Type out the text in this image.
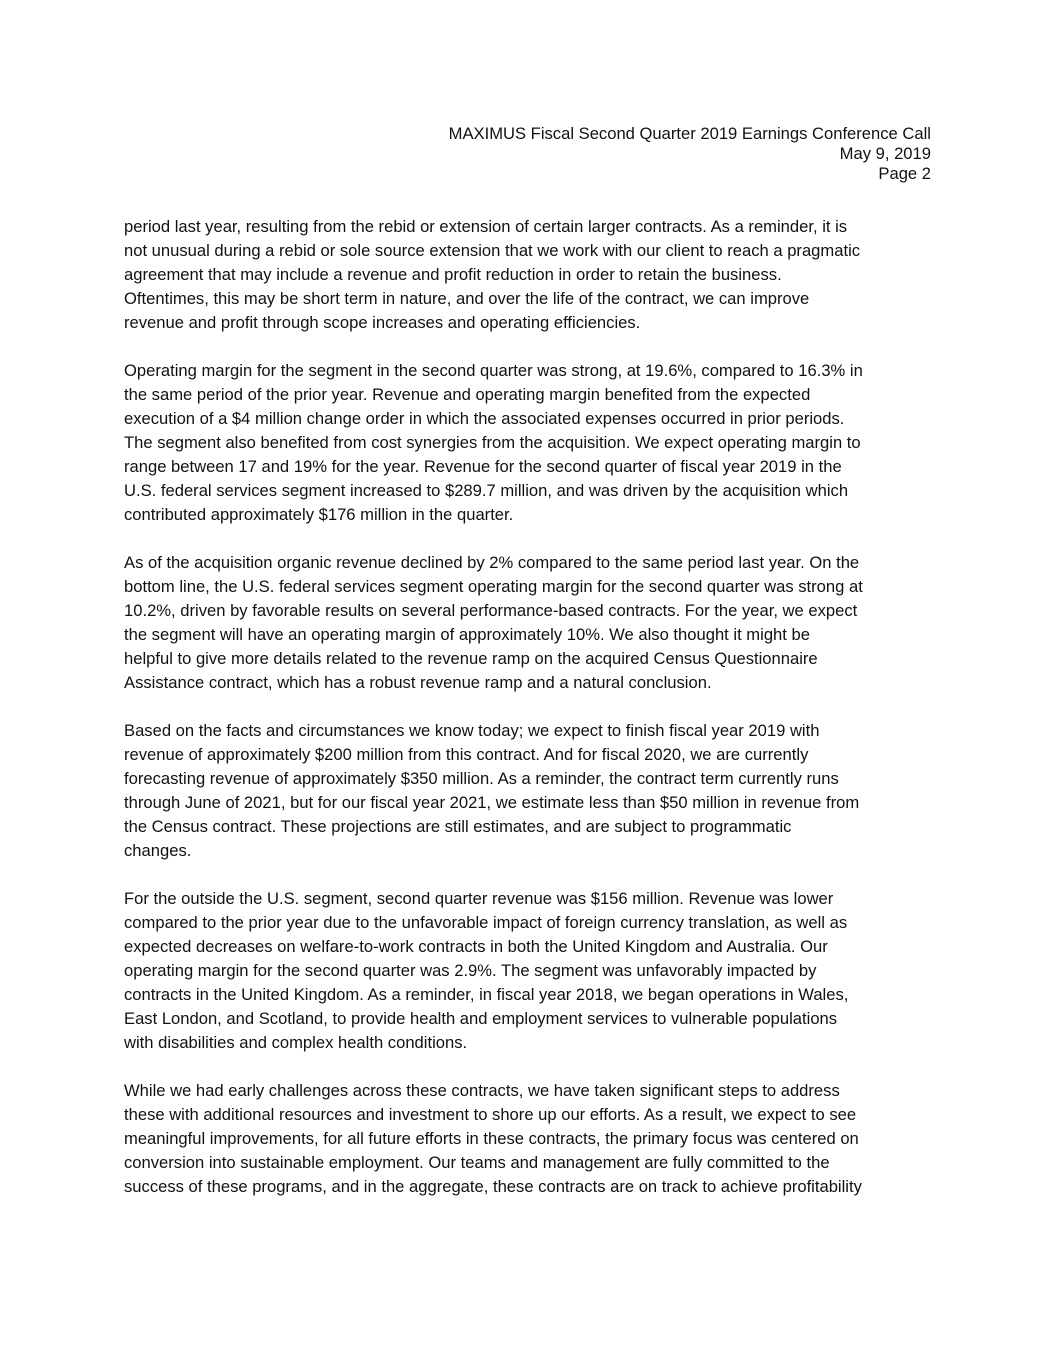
MAXIMUS Fiscal Second Quarter 2019 Earnings Conference Call
May 9, 2019
Page 2
period last year, resulting from the rebid or extension of certain larger contracts. As a reminder, it is
not unusual during a rebid or sole source extension that we work with our client to reach a pragmatic
agreement that may include a revenue and profit reduction in order to retain the business.
Oftentimes, this may be short term in nature, and over the life of the contract, we can improve
revenue and profit through scope increases and operating efficiencies.
Operating margin for the segment in the second quarter was strong, at 19.6%, compared to 16.3% in
the same period of the prior year. Revenue and operating margin benefited from the expected
execution of a $4 million change order in which the associated expenses occurred in prior periods.
The segment also benefited from cost synergies from the acquisition. We expect operating margin to
range between 17 and 19% for the year. Revenue for the second quarter of fiscal year 2019 in the
U.S. federal services segment increased to $289.7 million, and was driven by the acquisition which
contributed approximately $176 million in the quarter.
As of the acquisition organic revenue declined by 2% compared to the same period last year. On the
bottom line, the U.S. federal services segment operating margin for the second quarter was strong at
10.2%, driven by favorable results on several performance-based contracts. For the year, we expect
the segment will have an operating margin of approximately 10%. We also thought it might be
helpful to give more details related to the revenue ramp on the acquired Census Questionnaire
Assistance contract, which has a robust revenue ramp and a natural conclusion.
Based on the facts and circumstances we know today; we expect to finish fiscal year 2019 with
revenue of approximately $200 million from this contract. And for fiscal 2020, we are currently
forecasting revenue of approximately $350 million. As a reminder, the contract term currently runs
through June of 2021, but for our fiscal year 2021, we estimate less than $50 million in revenue from
the Census contract. These projections are still estimates, and are subject to programmatic
changes.
For the outside the U.S. segment, second quarter revenue was $156 million. Revenue was lower
compared to the prior year due to the unfavorable impact of foreign currency translation, as well as
expected decreases on welfare-to-work contracts in both the United Kingdom and Australia. Our
operating margin for the second quarter was 2.9%. The segment was unfavorably impacted by
contracts in the United Kingdom. As a reminder, in fiscal year 2018, we began operations in Wales,
East London, and Scotland, to provide health and employment services to vulnerable populations
with disabilities and complex health conditions.
While we had early challenges across these contracts, we have taken significant steps to address
these with additional resources and investment to shore up our efforts. As a result, we expect to see
meaningful improvements, for all future efforts in these contracts, the primary focus was centered on
conversion into sustainable employment. Our teams and management are fully committed to the
success of these programs, and in the aggregate, these contracts are on track to achieve profitability
